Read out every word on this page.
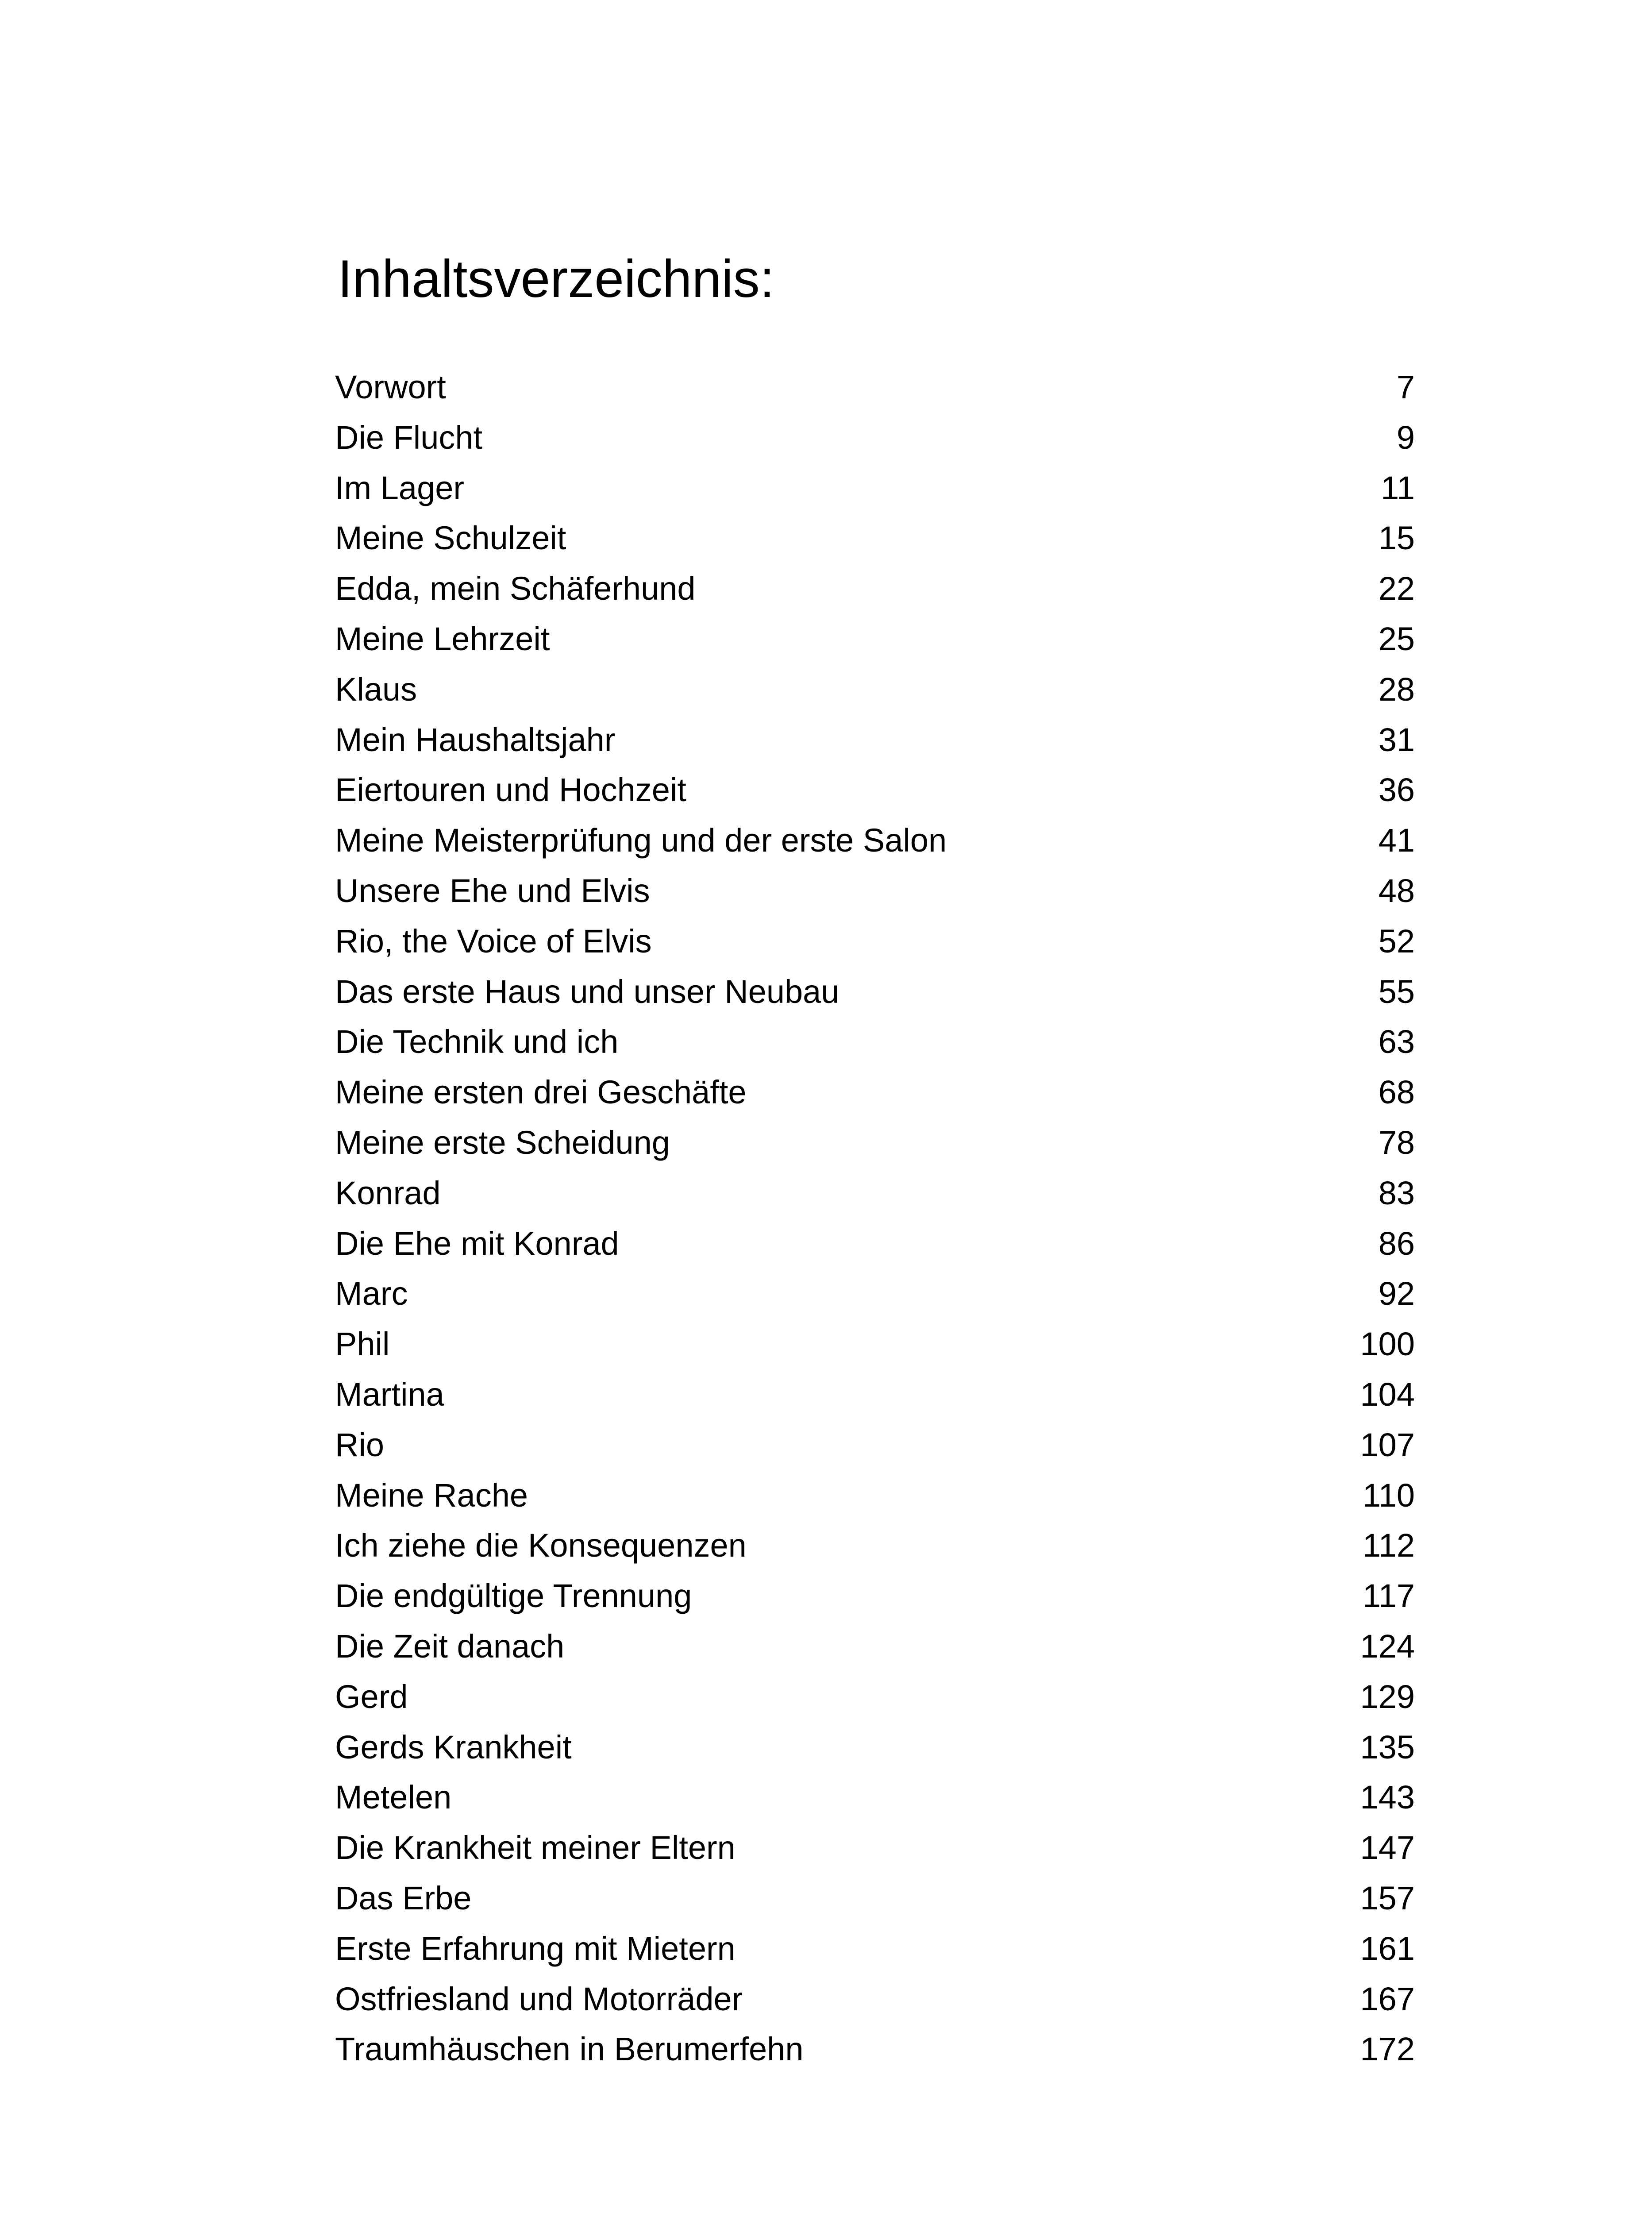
Inhaltsverzeichnis:
Vorwort	7
Die Flucht	9
Im Lager	11
Meine Schulzeit	15
Edda, mein Schäferhund	22
Meine Lehrzeit	25
Klaus	28
Mein Haushaltsjahr	31
Eiertouren und Hochzeit	36
Meine Meisterprüfung und der erste Salon	41
Unsere Ehe und Elvis	48
Rio, the Voice of Elvis	52
Das erste Haus und unser Neubau	55
Die Technik und ich	63
Meine ersten drei Geschäfte	68
Meine erste Scheidung	78
Konrad	83
Die Ehe mit Konrad	86
Marc	92
Phil	100
Martina	104
Rio	107
Meine Rache	110
Ich ziehe die Konsequenzen	112
Die endgültige Trennung	117
Die Zeit danach	124
Gerd	129
Gerds Krankheit	135
Metelen	143
Die Krankheit meiner Eltern	147
Das Erbe	157
Erste Erfahrung mit Mietern	161
Ostfriesland und Motorräder	167
Traumhäuschen in Berumerfehn	172
